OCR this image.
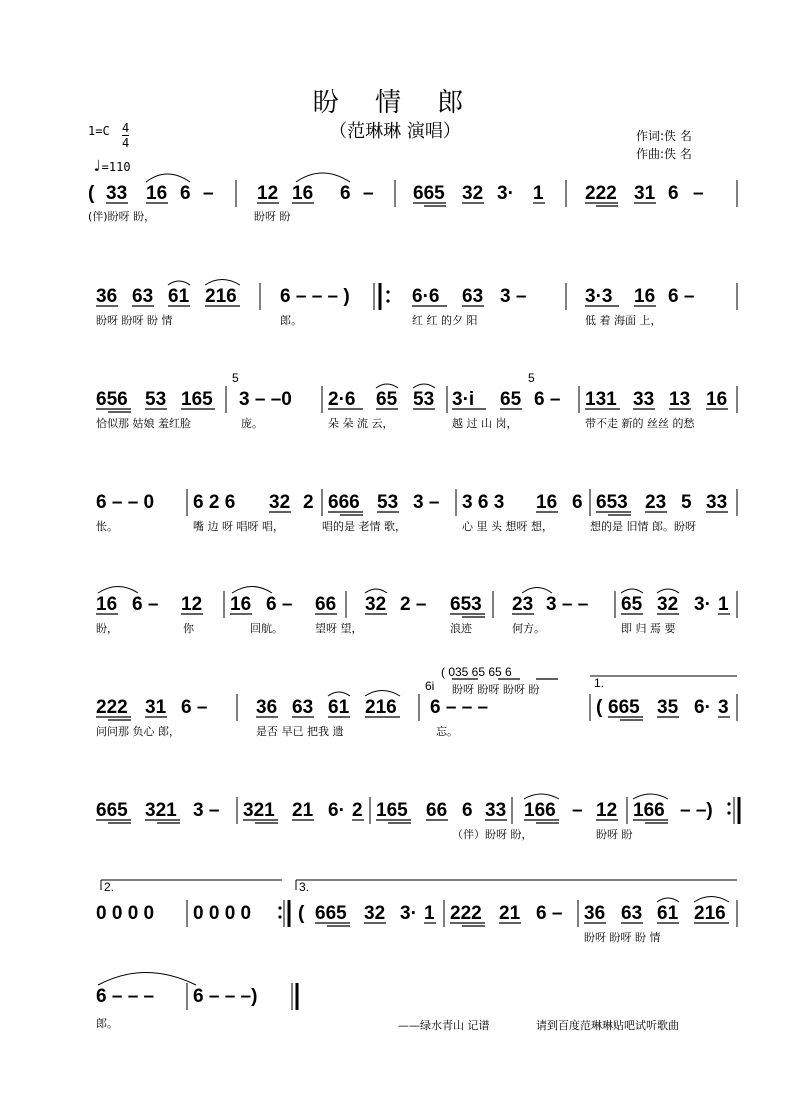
盼 情 郎
（范琳琳 演唱）
1=C 4
4
♩=110
作词:佚 名
作曲:佚 名
( 33 16 6 – 12 16 6 – 665 32 3· 1 222 31 6 –
(伴)盼呀 盼，	盼呀 盼
36 63 61 216 6 – – – )	6·6 63 3 –	3·3 16 6 –
盼呀 盼呀 盼 情	郎。	红 红 的夕 阳	低 着 海面 上，
656 53 165
5
3 – –0 2·6 65 53 3·i 65
5
6 – 131 33 13 16
恰似那 姑娘 羞红脸	庞。	朵 朵 流 云，	越 过 山 岗，	带不走 新的 丝丝 的愁
6 – – 0 6 2 6 32 2 666 53 3 – 3 6 3 16 6 653 23 5 33
怅。	嘴 边 呀 唱呀 唱，	唱的是 老情 歌，	心 里 头 想呀 想，	想的是 旧情 郎。盼呀
16 6 – 12 16 6 – 66 32 2 – 653 23 3 – – 65 32 3· 1
盼，	你	回航。	望呀 望，	浪迹	何方。	即 归 焉 要
( 035 65 65 6
盼呀 盼呀 盼呀 盼
222 31 6 –	36 63 61 216
6i
6 – – –
1.
( 665 35 6· 3
问问那 负心 郎，	是否 早已 把我 遗	忘。
665 321 3 – 321 21 6· 2 165 66 6 33 166 – 12 166 – –)
（伴）盼呀 盼，	盼呀 盼
2.	3.
0 0 0 0 0 0 0 0 ( 665 32 3· 1 222 21 6 – 36 63 61 216
盼呀 盼呀 盼 情
6 – – – 6 – – –)
郎。	——绿水青山 记谱	请到百度范琳琳贴吧试听歌曲
